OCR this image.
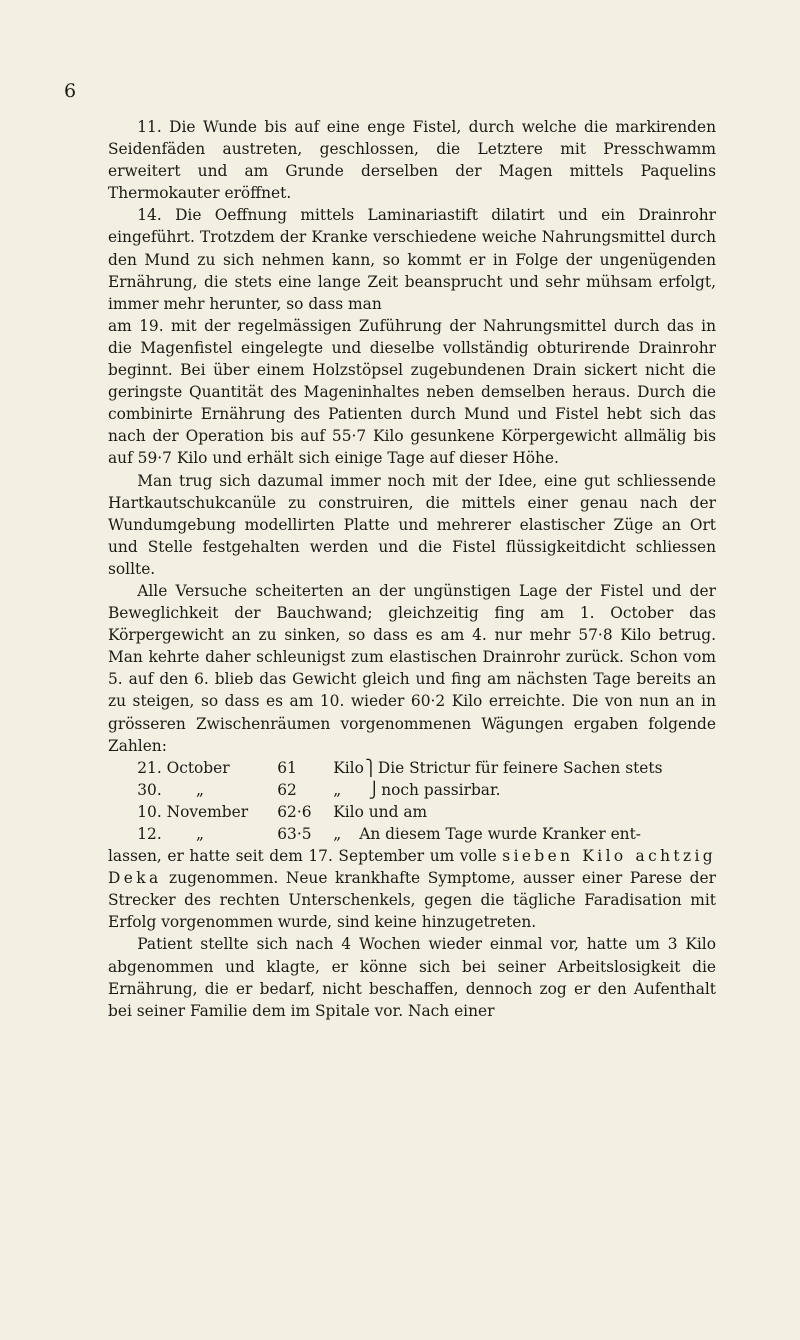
6

11. Die Wunde bis auf eine enge Fistel, durch welche die markirenden Seidenfäden austreten, geschlossen, die Letztere mit Presschwamm erweitert und am Grunde derselben der Magen mittels Paquelins Thermokauter eröffnet.

14. Die Oeffnung mittels Laminariastift dilatirt und ein Drainrohr eingeführt. Trotzdem der Kranke verschiedene weiche Nahrungsmittel durch den Mund zu sich nehmen kann, so kommt er in Folge der ungenügenden Ernährung, die stets eine lange Zeit beansprucht und sehr mühsam erfolgt, immer mehr herunter, so dass man

am 19. mit der regelmässigen Zuführung der Nahrungsmittel durch das in die Magenfistel eingelegte und dieselbe vollständig obturirende Drainrohr beginnt. Bei über einem Holzstöpsel zugebundenen Drain sickert nicht die geringste Quantität des Mageninhaltes neben demselben heraus. Durch die combinirte Ernährung des Patienten durch Mund und Fistel hebt sich das nach der Operation bis auf 55·7 Kilo gesunkene Körpergewicht allmälig bis auf 59·7 Kilo und erhält sich einige Tage auf dieser Höhe.

Man trug sich dazumal immer noch mit der Idee, eine gut schliessende Hartkautschukcanüle zu construiren, die mittels einer genau nach der Wundumgebung modellirten Platte und mehrerer elastischer Züge an Ort und Stelle festgehalten werden und die Fistel flüssigkeitdicht schliessen sollte.

Alle Versuche scheiterten an der ungünstigen Lage der Fistel und der Beweglichkeit der Bauchwand; gleichzeitig fing am 1. October das Körpergewicht an zu sinken, so dass es am 4. nur mehr 57·8 Kilo betrug. Man kehrte daher schleunigst zum elastischen Drainrohr zurück. Schon vom 5. auf den 6. blieb das Gewicht gleich und fing am nächsten Tage bereits an zu steigen, so dass es am 10. wieder 60·2 Kilo erreichte. Die von nun an in grösseren Zwischenräumen vorgenommenen Wägungen ergaben folgende Zahlen:

21. October	61	Kilo ⎫ Die Strictur für feinere Sachen stets
30.       „	62	„	⎭ noch passirbar.
10. November	62·6	Kilo und am
12.       „	63·5	„	An diesem Tage wurde Kranker ent-

lassen, er hatte seit dem 17. September um volle sieben Kilo achtzig Deka zugenommen. Neue krankhafte Symptome, ausser einer Parese der Strecker des rechten Unterschenkels, gegen die tägliche Faradisation mit Erfolg vorgenommen wurde, sind keine hinzugetreten.

Patient stellte sich nach 4 Wochen wieder einmal vor, hatte um 3 Kilo abgenommen und klagte, er könne sich bei seiner Arbeitslosigkeit die Ernährung, die er bedarf, nicht beschaffen, dennoch zog er den Aufenthalt bei seiner Familie dem im Spitale vor. Nach einer
